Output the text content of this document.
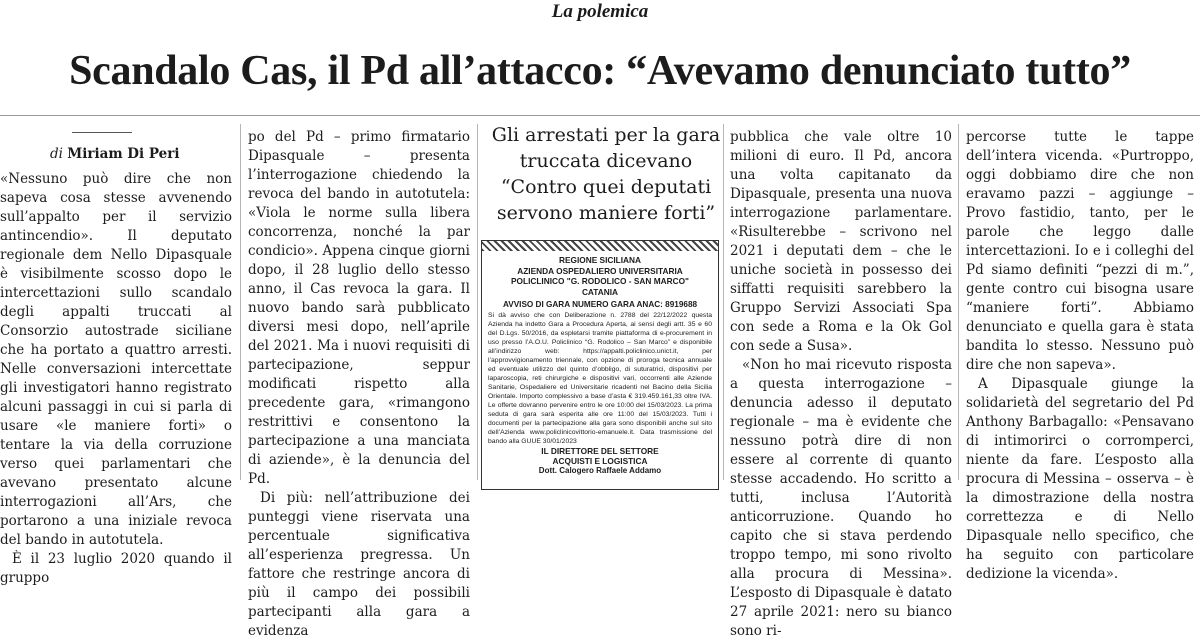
La polemica
Scandalo Cas, il Pd all’attacco: “Avevamo denunciato tutto”
di Miriam Di Peri

«Nessuno può dire che non sapeva cosa stesse avvenendo sull’appalto per il servizio antincendio». Il deputato regionale dem Nello Dipasquale è visibilmente scosso dopo le intercettazioni sullo scandalo degli appalti truccati al Consorzio autostrade siciliane che ha portato a quattro arresti. Nelle conversazioni intercettate gli investigatori hanno registrato alcuni passaggi in cui si parla di usare «le maniere forti» o tentare la via della corruzione verso quei parlamentari che avevano presentato alcune interrogazioni all’Ars, che portarono a una iniziale revoca del bando in autotutela.

È il 23 luglio 2020 quando il gruppo

po del Pd – primo firmatario Dipasquale – presenta l’interrogazione chiedendo la revoca del bando in autotutela: «Viola le norme sulla libera concorrenza, nonché la par condicio». Appena cinque giorni dopo, il 28 luglio dello stesso anno, il Cas revoca la gara. Il nuovo bando sarà pubblicato diversi mesi dopo, nell’aprile del 2021. Ma i nuovi requisiti di partecipazione, seppur modificati rispetto alla precedente gara, «rimangono restrittivi e consentono la partecipazione a una manciata di aziende», è la denuncia del Pd.

Di più: nell’attribuzione dei punteggi viene riservata una percentuale significativa all’esperienza pregressa. Un fattore che restringe ancora di più il campo dei possibili partecipanti alla gara a evidenza

Gli arrestati per la gara truccata dicevano
“Contro quei deputati servono maniere forti”

REGIONE SICILIANA

AZIENDA OSPEDALIERO UNIVERSITARIA

POLICLINICO "G. RODOLICO - SAN MARCO"

CATANIA

AVVISO DI GARA NUMERO GARA ANAC: 8919688

Si dà avviso che con Deliberazione n. 2788 del 22/12/2022 questa Azienda ha indetto Gara a Procedura Aperta, ai sensi degli artt. 35 e 60 del D.Lgs. 50/2016, da espletarsi tramite piattaforma di e-procurement in uso presso l’A.O.U. Policlinico “G. Rodolico – San Marco” e disponibile all’indirizzo web: https://appalti.policlinico.unict.it, per l’approvvigionamento triennale, con opzione di proroga tecnica annuale ed eventuale utilizzo del quinto d’obbligo, di suturatrici, dispositivi per laparoscopia, reti chirurgiche e dispositivi vari, occorrenti alle Aziende Sanitarie, Ospedaliere ed Universitarie ricadenti nel Bacino della Sicilia Orientale. Importo complessivo a base d’asta € 319.459.161,33 oltre IVA. Le offerte dovranno pervenire entro le ore 10:00 del 15/03/2023. La prima seduta di gara sarà esperita alle ore 11:00 del 15/03/2023. Tutti i documenti per la partecipazione alla gara sono disponibili anche sul sito dell’Azienda www.policlinicovittorio-emanuele.it. Data trasmissione del bando alla GUUE 30/01/2023

IL DIRETTORE DEL SETTORE

ACQUISTI E LOGISTICA

Dott. Calogero Raffaele Addamo

pubblica che vale oltre 10 milioni di euro. Il Pd, ancora una volta capitanato da Dipasquale, presenta una nuova interrogazione parlamentare. «Risulterebbe – scrivono nel 2021 i deputati dem – che le uniche società in possesso dei siffatti requisiti sarebbero la Gruppo Servizi Associati Spa con sede a Roma e la Ok Gol con sede a Susa».

«Non ho mai ricevuto risposta a questa interrogazione – denuncia adesso il deputato regionale – ma è evidente che nessuno potrà dire di non essere al corrente di quanto stesse accadendo. Ho scritto a tutti, inclusa l’Autorità anticorruzione. Quando ho capito che si stava perdendo troppo tempo, mi sono rivolto alla procura di Messina». L’esposto di Dipasquale è datato 27 aprile 2021: nero su bianco sono ri-

percorse tutte le tappe dell’intera vicenda. «Purtroppo, oggi dobbiamo dire che non eravamo pazzi – aggiunge – Provo fastidio, tanto, per le parole che leggo dalle intercettazioni. Io e i colleghi del Pd siamo definiti “pezzi di m.”, gente contro cui bisogna usare “maniere forti”. Abbiamo denunciato e quella gara è stata bandita lo stesso. Nessuno può dire che non sapeva».

A Dipasquale giunge la solidarietà del segretario del Pd Anthony Barbagallo: «Pensavano di intimorirci o corromperci, niente da fare. L’esposto alla procura di Messina – osserva – è la dimostrazione della nostra correttezza e di Nello Dipasquale nello specifico, che ha seguito con particolare dedizione la vicenda».
